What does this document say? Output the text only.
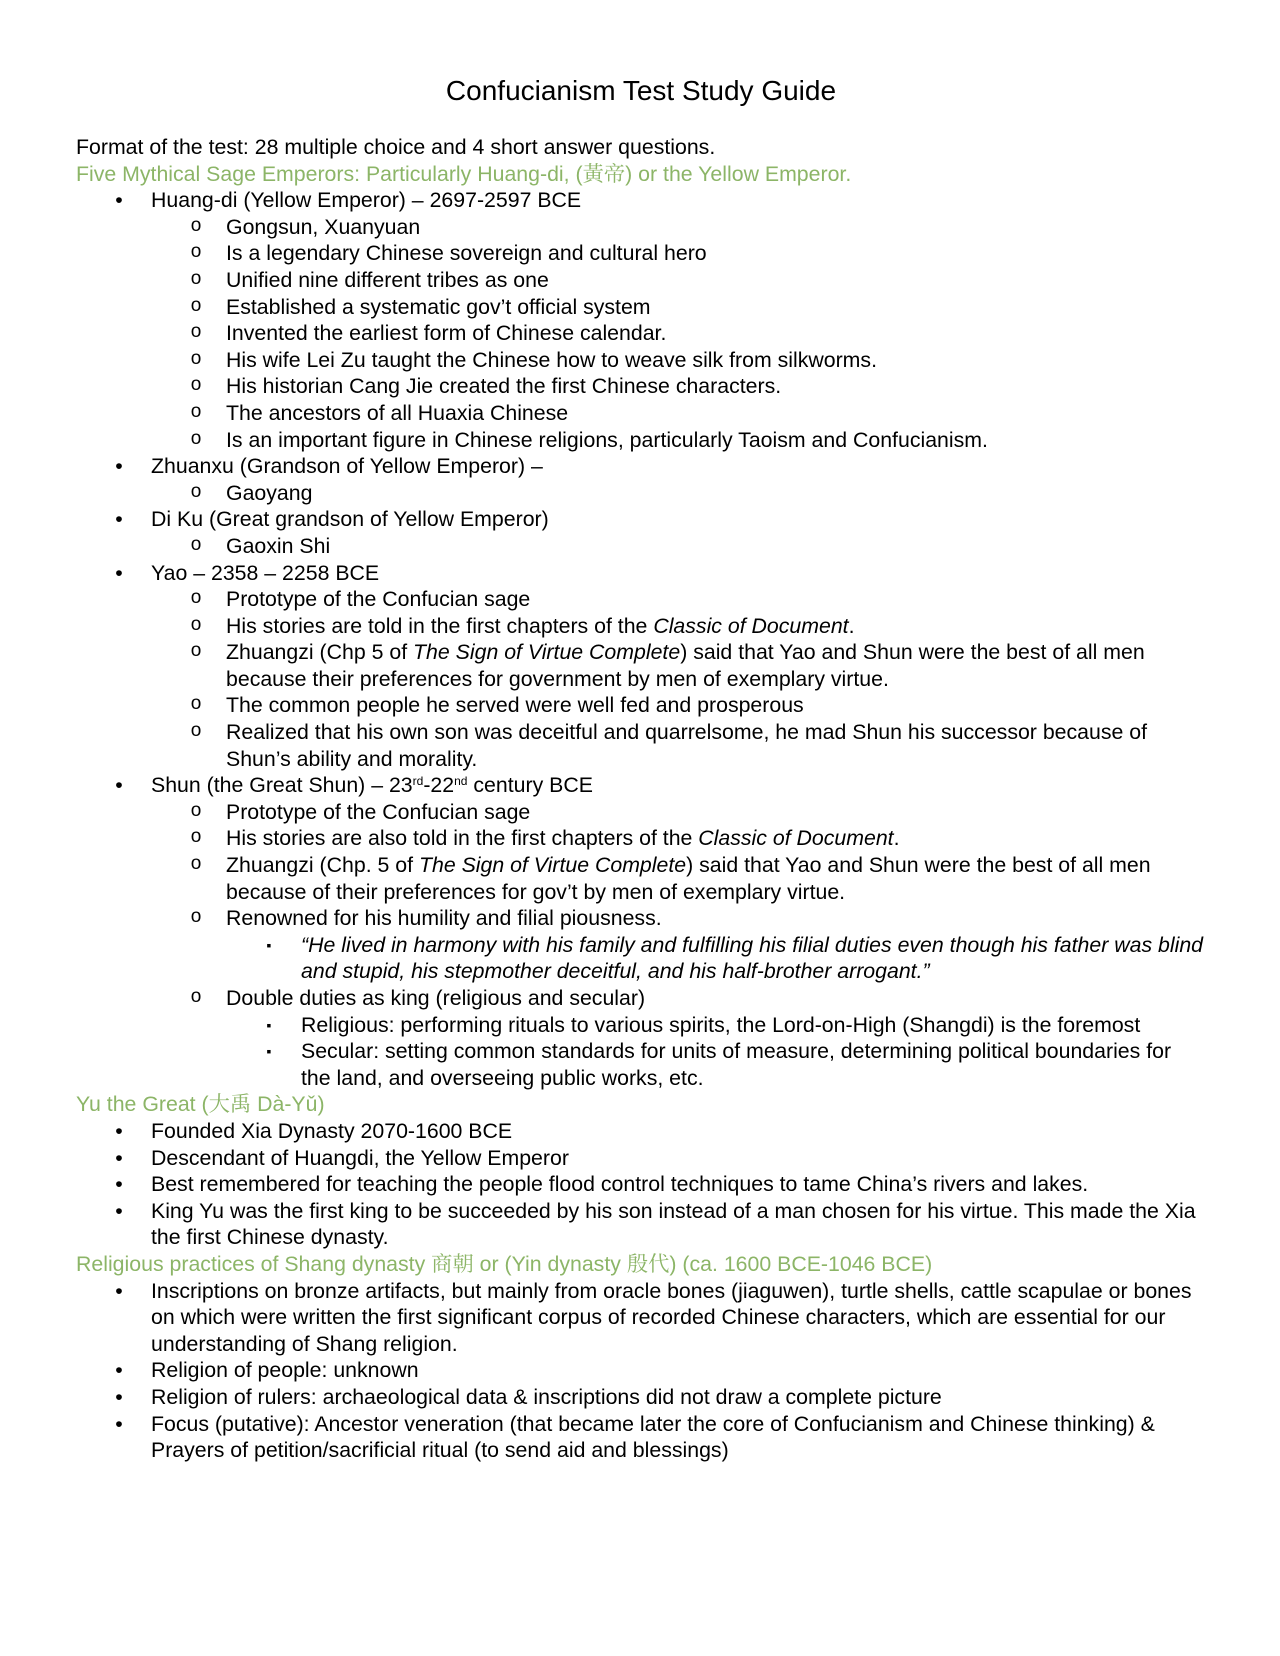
Confucianism Test Study Guide
Format of the test: 28 multiple choice and 4 short answer questions.
Five Mythical Sage Emperors: Particularly Huang-di, (黃帝) or the Yellow Emperor.
• Huang-di (Yellow Emperor) – 2697-2597 BCE
o Gongsun, Xuanyuan
o Is a legendary Chinese sovereign and cultural hero
o Unified nine different tribes as one
o Established a systematic gov’t official system
o Invented the earliest form of Chinese calendar.
o His wife Lei Zu taught the Chinese how to weave silk from silkworms.
o His historian Cang Jie created the first Chinese characters.
o The ancestors of all Huaxia Chinese
o Is an important figure in Chinese religions, particularly Taoism and Confucianism.
• Zhuanxu (Grandson of Yellow Emperor) –
o Gaoyang
• Di Ku (Great grandson of Yellow Emperor)
o Gaoxin Shi
• Yao – 2358 – 2258 BCE
o Prototype of the Confucian sage
o His stories are told in the first chapters of the Classic of Document.
o Zhuangzi (Chp 5 of The Sign of Virtue Complete) said that Yao and Shun were the best of all men because their preferences for government by men of exemplary virtue.
o The common people he served were well fed and prosperous
o Realized that his own son was deceitful and quarrelsome, he mad Shun his successor because of Shun’s ability and morality.
• Shun (the Great Shun) – 23rd-22nd century BCE
o Prototype of the Confucian sage
o His stories are also told in the first chapters of the Classic of Document.
o Zhuangzi (Chp. 5 of The Sign of Virtue Complete) said that Yao and Shun were the best of all men because of their preferences for gov’t by men of exemplary virtue.
o Renowned for his humility and filial piousness.
▪ “He lived in harmony with his family and fulfilling his filial duties even though his father was blind and stupid, his stepmother deceitful, and his half-brother arrogant.”
o Double duties as king (religious and secular)
▪ Religious: performing rituals to various spirits, the Lord-on-High (Shangdi) is the foremost
▪ Secular: setting common standards for units of measure, determining political boundaries for the land, and overseeing public works, etc.
Yu the Great (大禹 Dà-Yǔ)
• Founded Xia Dynasty 2070-1600 BCE
• Descendant of Huangdi, the Yellow Emperor
• Best remembered for teaching the people flood control techniques to tame China’s rivers and lakes.
• King Yu was the first king to be succeeded by his son instead of a man chosen for his virtue. This made the Xia the first Chinese dynasty.
Religious practices of Shang dynasty 商朝 or (Yin dynasty 殷代) (ca. 1600 BCE-1046 BCE)
• Inscriptions on bronze artifacts, but mainly from oracle bones (jiaguwen), turtle shells, cattle scapulae or bones on which were written the first significant corpus of recorded Chinese characters, which are essential for our understanding of Shang religion.
• Religion of people: unknown
• Religion of rulers: archaeological data & inscriptions did not draw a complete picture
• Focus (putative): Ancestor veneration (that became later the core of Confucianism and Chinese thinking) & Prayers of petition/sacrificial ritual (to send aid and blessings)
